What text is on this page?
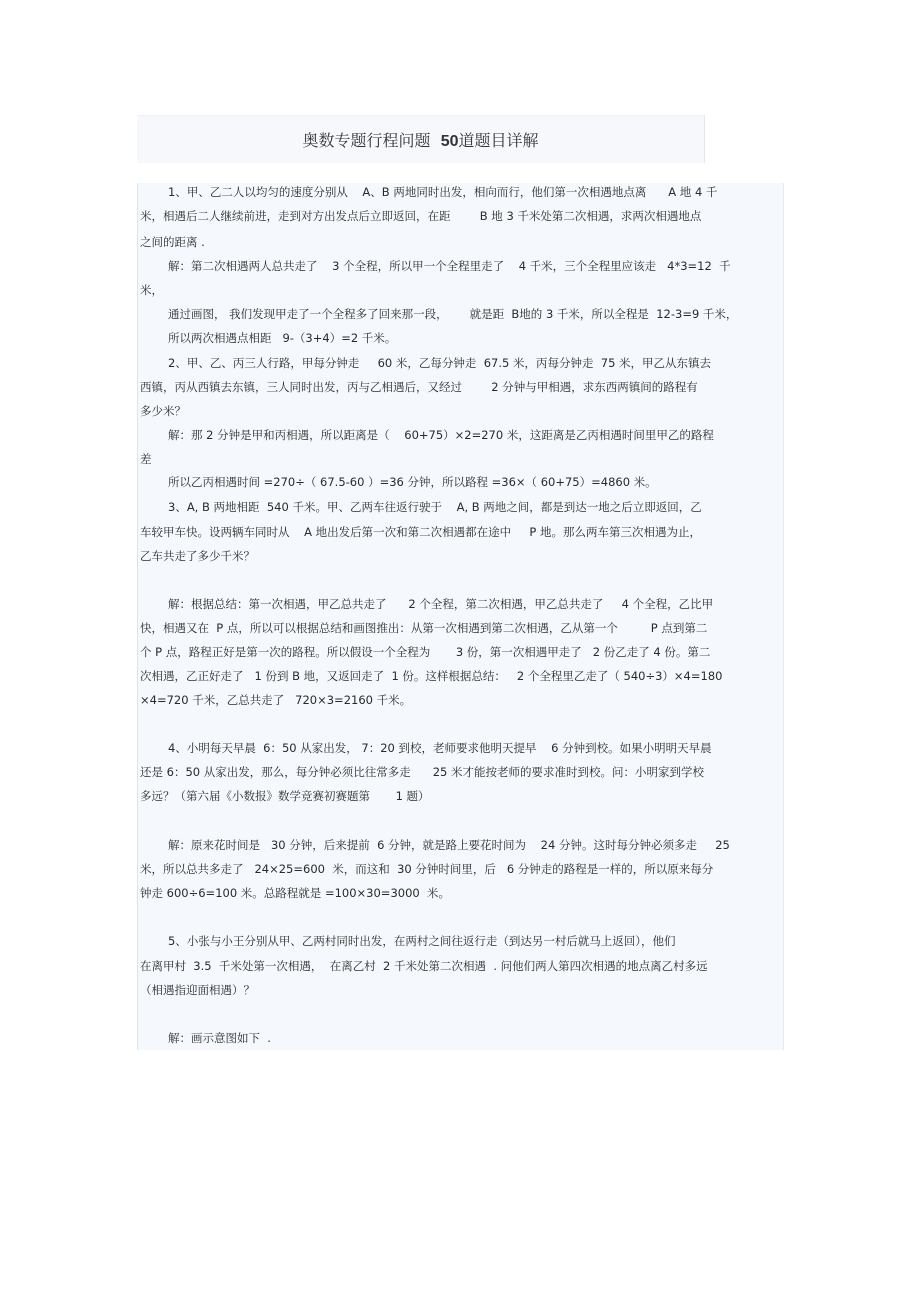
奥数专题行程问题  50道题目详解
1、甲、乙二人以均匀的速度分别从    A、B 两地同时出发，相向而行，他们第一次相遇地点离      A 地 4 千
米，相遇后二人继续前进，走到对方出发点后立即返回，在距        B 地 3 千米处第二次相遇，求两次相遇地点
之间的距离 .
解：第二次相遇两人总共走了    3 个全程，所以甲一个全程里走了    4 千米，三个全程里应该走   4*3=12  千
米，
通过画图， 我们发现甲走了一个全程多了回来那一段，      就是距  B地的 3 千米，所以全程是  12-3=9 千米，
所以两次相遇点相距   9-（3+4）=2 千米。
2、甲、乙、丙三人行路，甲每分钟走     60 米，乙每分钟走  67.5 米，丙每分钟走  75 米，甲乙从东镇去
西镇，丙从西镇去东镇，三人同时出发，丙与乙相遇后，又经过        2 分钟与甲相遇，求东西两镇间的路程有
多少米？
解：那 2 分钟是甲和丙相遇，所以距离是（    60+75）×2=270 米，这距离是乙丙相遇时间里甲乙的路程
差
所以乙丙相遇时间 =270÷（ 67.5-60 ）=36 分钟，所以路程 =36×（ 60+75）=4860 米。
3、A, B 两地相距  540 千米。甲、乙两车往返行驶于    A, B 两地之间，都是到达一地之后立即返回，乙
车较甲车快。设两辆车同时从    A 地出发后第一次和第二次相遇都在途中     P 地。那么两车第三次相遇为止，
乙车共走了多少千米？
解：根据总结：第一次相遇，甲乙总共走了      2 个全程，第二次相遇，甲乙总共走了     4 个全程，乙比甲
快，相遇又在  P 点，所以可以根据总结和画图推出：从第一次相遇到第二次相遇，乙从第一个         P 点到第二
个 P 点，路程正好是第一次的路程。所以假设一个全程为       3 份，第一次相遇甲走了   2 份乙走了 4 份。第二
次相遇，乙正好走了   1 份到 B 地，又返回走了  1 份。这样根据总结：   2 个全程里乙走了（ 540÷3）×4=180
×4=720 千米，乙总共走了   720×3=2160 千米。
4、小明每天早晨  6：50 从家出发， 7：20 到校，老师要求他明天提早    6 分钟到校。如果小明明天早晨
还是 6：50 从家出发，那么，每分钟必须比往常多走      25 米才能按老师的要求准时到校。问：小明家到学校
多远？（第六届《小数报》数学竞赛初赛题第       1 题）
解：原来花时间是   30 分钟，后来提前  6 分钟，就是路上要花时间为    24 分钟。这时每分钟必须多走     25
米，所以总共多走了   24×25=600  米，而这和  30 分钟时间里，后   6 分钟走的路程是一样的，所以原来每分
钟走 600÷6=100 米。总路程就是 =100×30=3000  米。
5、小张与小王分别从甲、乙两村同时出发，在两村之间往返行走（到达另一村后就马上返回），他们
在离甲村  3.5  千米处第一次相遇，  在离乙村  2 千米处第二次相遇  . 问他们两人第四次相遇的地点离乙村多远
（相遇指迎面相遇）？
解：画示意图如下  .
